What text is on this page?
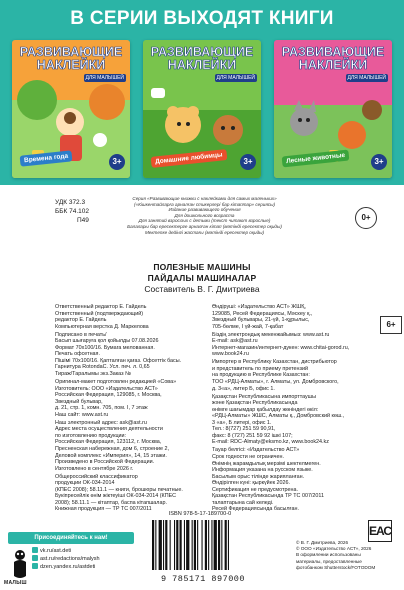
В СЕРИИ ВЫХОДЯТ КНИГИ
РАЗВИВАЮЩИЕ
НАКЛЕЙКИ
ДЛЯ МАЛЫШЕЙ
Времена года	3+
РАЗВИВАЮЩИЕ
НАКЛЕЙКИ
ДЛЯ МАЛЫШЕЙ
Домашние любимцы	3+
РАЗВИВАЮЩИЕ
НАКЛЕЙКИ
ДЛЯ МАЛЫШЕЙ
Лесные животные	3+
УДК 372.3
ББК 74.102
П49
Серия «Развивающие книжки с наклейками для самых маленьких»
(«Кішкентайларға арналған стикерлері бар кітаптар» сериясы)
Издание развивающего обучения
Для дошкольного возраста
Для занятий взрослых с детьми (текст читают взрослые)
Балалары бар ересектерге арналған кітап (мәтінді ересектер оқиды)
Мектепке дейінгі жастағы (мәтінді ересектер оқиды)
0+
ПОЛЕЗНЫЕ МАШИНЫ
ПАЙДАЛЫ МАШИНАЛАР
Составитель В. Г. Дмитриева

Ответственный редактор Е. Гайдель
Ответственный (подтверждающий)
редактор Е. Гайдель
Компьютерная верстка Д. Маркелова

Подписано в печать/
Басып шығаруға қол қойылды 07.08.2026
Формат 70х100/16. Бумага мелованная.
Печать офсетная.
Пішімі 70х100/16. Қапталған қағаз. Офсеттік басы.
Гарнитура RotondaC. Усл. печ. л. 0,65
Тираж/Таралымы экз.Заказ №

Оригинал-макет подготовлен редакцией «Сова»
Изготовитель: ООО «Издательство АСТ»
Российская Федерация, 129085, г. Москва,
Звездный бульвар,
д. 21, стр. 1, комн. 705, пом. I, 7 этаж
Наш сайт: www.ast.ru

Наш электронный адрес: ask@ast.ru
Адрес места осуществления деятельности
по изготовлению продукции:
Российская Федерация, 123112, г. Москва,
Пресненская набережная, дом 6, строение 2,
Деловой комплекс «Империя», 14, 15 этажи.
Произведено в Российской Федерации.
Изготовлено в сентябре 2026 г.

Общероссийский классификатор
продукции ОК-034-2014
(КПЕС 2008); 58.11.1 — книги, брошюры печатные.
Букіпресейлік өнім жіктеуіші ОК-034-2014 (КПЕС
2008); 58.11.1 — кітаптар, баспа кітапшалар.
Книжная продукция — ТР ТС 007/2011

Өндіруші: «Издательство АСТ» ЖШҚ,
129085, Ресей Федерациясы, Мәскеу қ.,
Звездный бульвары, 21-үй, 1-құрылыс,
705-бөлме, I үй-жай, 7-қабат

Біздің электрондық мекенжайымыз: www.ast.ru
E-mail: ask@ast.ru
Интернет-магазин/интернет-дүкен: www.chitai-gorod.ru,
www.book24.ru

Импортер в Республику Казахстан, дистрибьютор
и представитель по приему претензий
на продукцию в Республике Казахстан:
ТОО «РДЦ-Алматы», г. Алматы, ул. Домбровского,
д. 3«а», литер Б, офис 1.

Қазақстан Республикасына импорттаушы
және Қазақстан Республикасында
өнімге шағымдар қабылдау жөніндегі өкіл:
«РДЦ-Алматы» ЖШС, Алматы қ., Домбровский көш.,
3 «а», Б литері, офис 1.
Тел.: 8(727) 251 59 90,91,
факс: 8 (727) 251 59 92 ішкі 107;
E-mail: RDC-Almaty@eksmo.kz, www.book24.kz

Тауар белгісі: «Издательство АСТ»
Срок годности не ограничен.
Өнімнің жарамдылық мерзімі шектелмеген.
Информация указана на русском языке.
Басылым орыс тілінде жарияланған.
Өндірілген күні: қыркүйек 2026.
Сертификация не предусмотрена.
Қазақстан Республикасында ТР ТС 007/2011
талаптарына сай келеді.
Ресей Федерациясында басылған.

6+
ЕАС
Присоединяйтесь к нам!
МАЛЫШ
vk.ru/ast.deti
ast.ru/redactions/malysh
dzen.yandex.ru/astdeti
ISBN 978-5-17-189700-0
9 785171 897000
© В. Г. Дмитриева, 2026
© ООО «Издательство АСТ», 2026
В оформлении использованы
материалы, предоставленные
фотобанком Shutterstock/FOTODOM
